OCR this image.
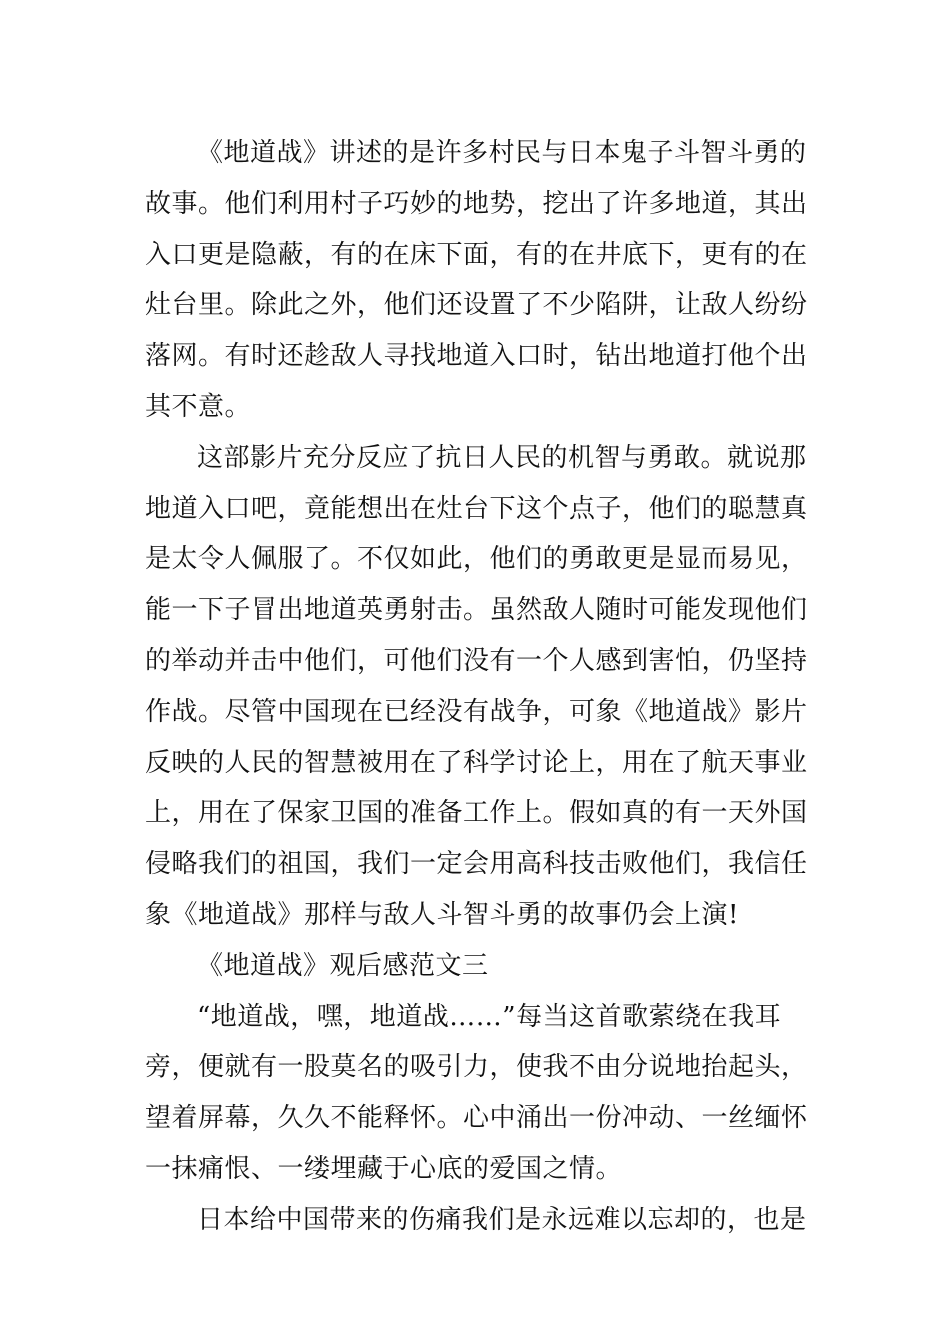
《地道战》讲述的是许多村民与日本鬼子斗智斗勇的
故事。他们利用村子巧妙的地势，挖出了许多地道，其出
入口更是隐蔽，有的在床下面，有的在井底下，更有的在
灶台里。除此之外，他们还设置了不少陷阱，让敌人纷纷
落网。有时还趁敌人寻找地道入口时，钻出地道打他个出
其不意。
这部影片充分反应了抗日人民的机智与勇敢。就说那
地道入口吧，竟能想出在灶台下这个点子，他们的聪慧真
是太令人佩服了。不仅如此，他们的勇敢更是显而易见，
能一下子冒出地道英勇射击。虽然敌人随时可能发现他们
的举动并击中他们，可他们没有一个人感到害怕，仍坚持
作战。尽管中国现在已经没有战争，可象《地道战》影片
反映的人民的智慧被用在了科学讨论上，用在了航天事业
上，用在了保家卫国的准备工作上。假如真的有一天外国
侵略我们的祖国，我们一定会用高科技击败他们，我信任
象《地道战》那样与敌人斗智斗勇的故事仍会上演!
《地道战》观后感范文三
“地道战，嘿，地道战……”每当这首歌萦绕在我耳
旁，便就有一股莫名的吸引力，使我不由分说地抬起头，
望着屏幕，久久不能释怀。心中涌出一份冲动、一丝缅怀
一抹痛恨、一缕埋藏于心底的爱国之情。
日本给中国带来的伤痛我们是永远难以忘却的，也是
